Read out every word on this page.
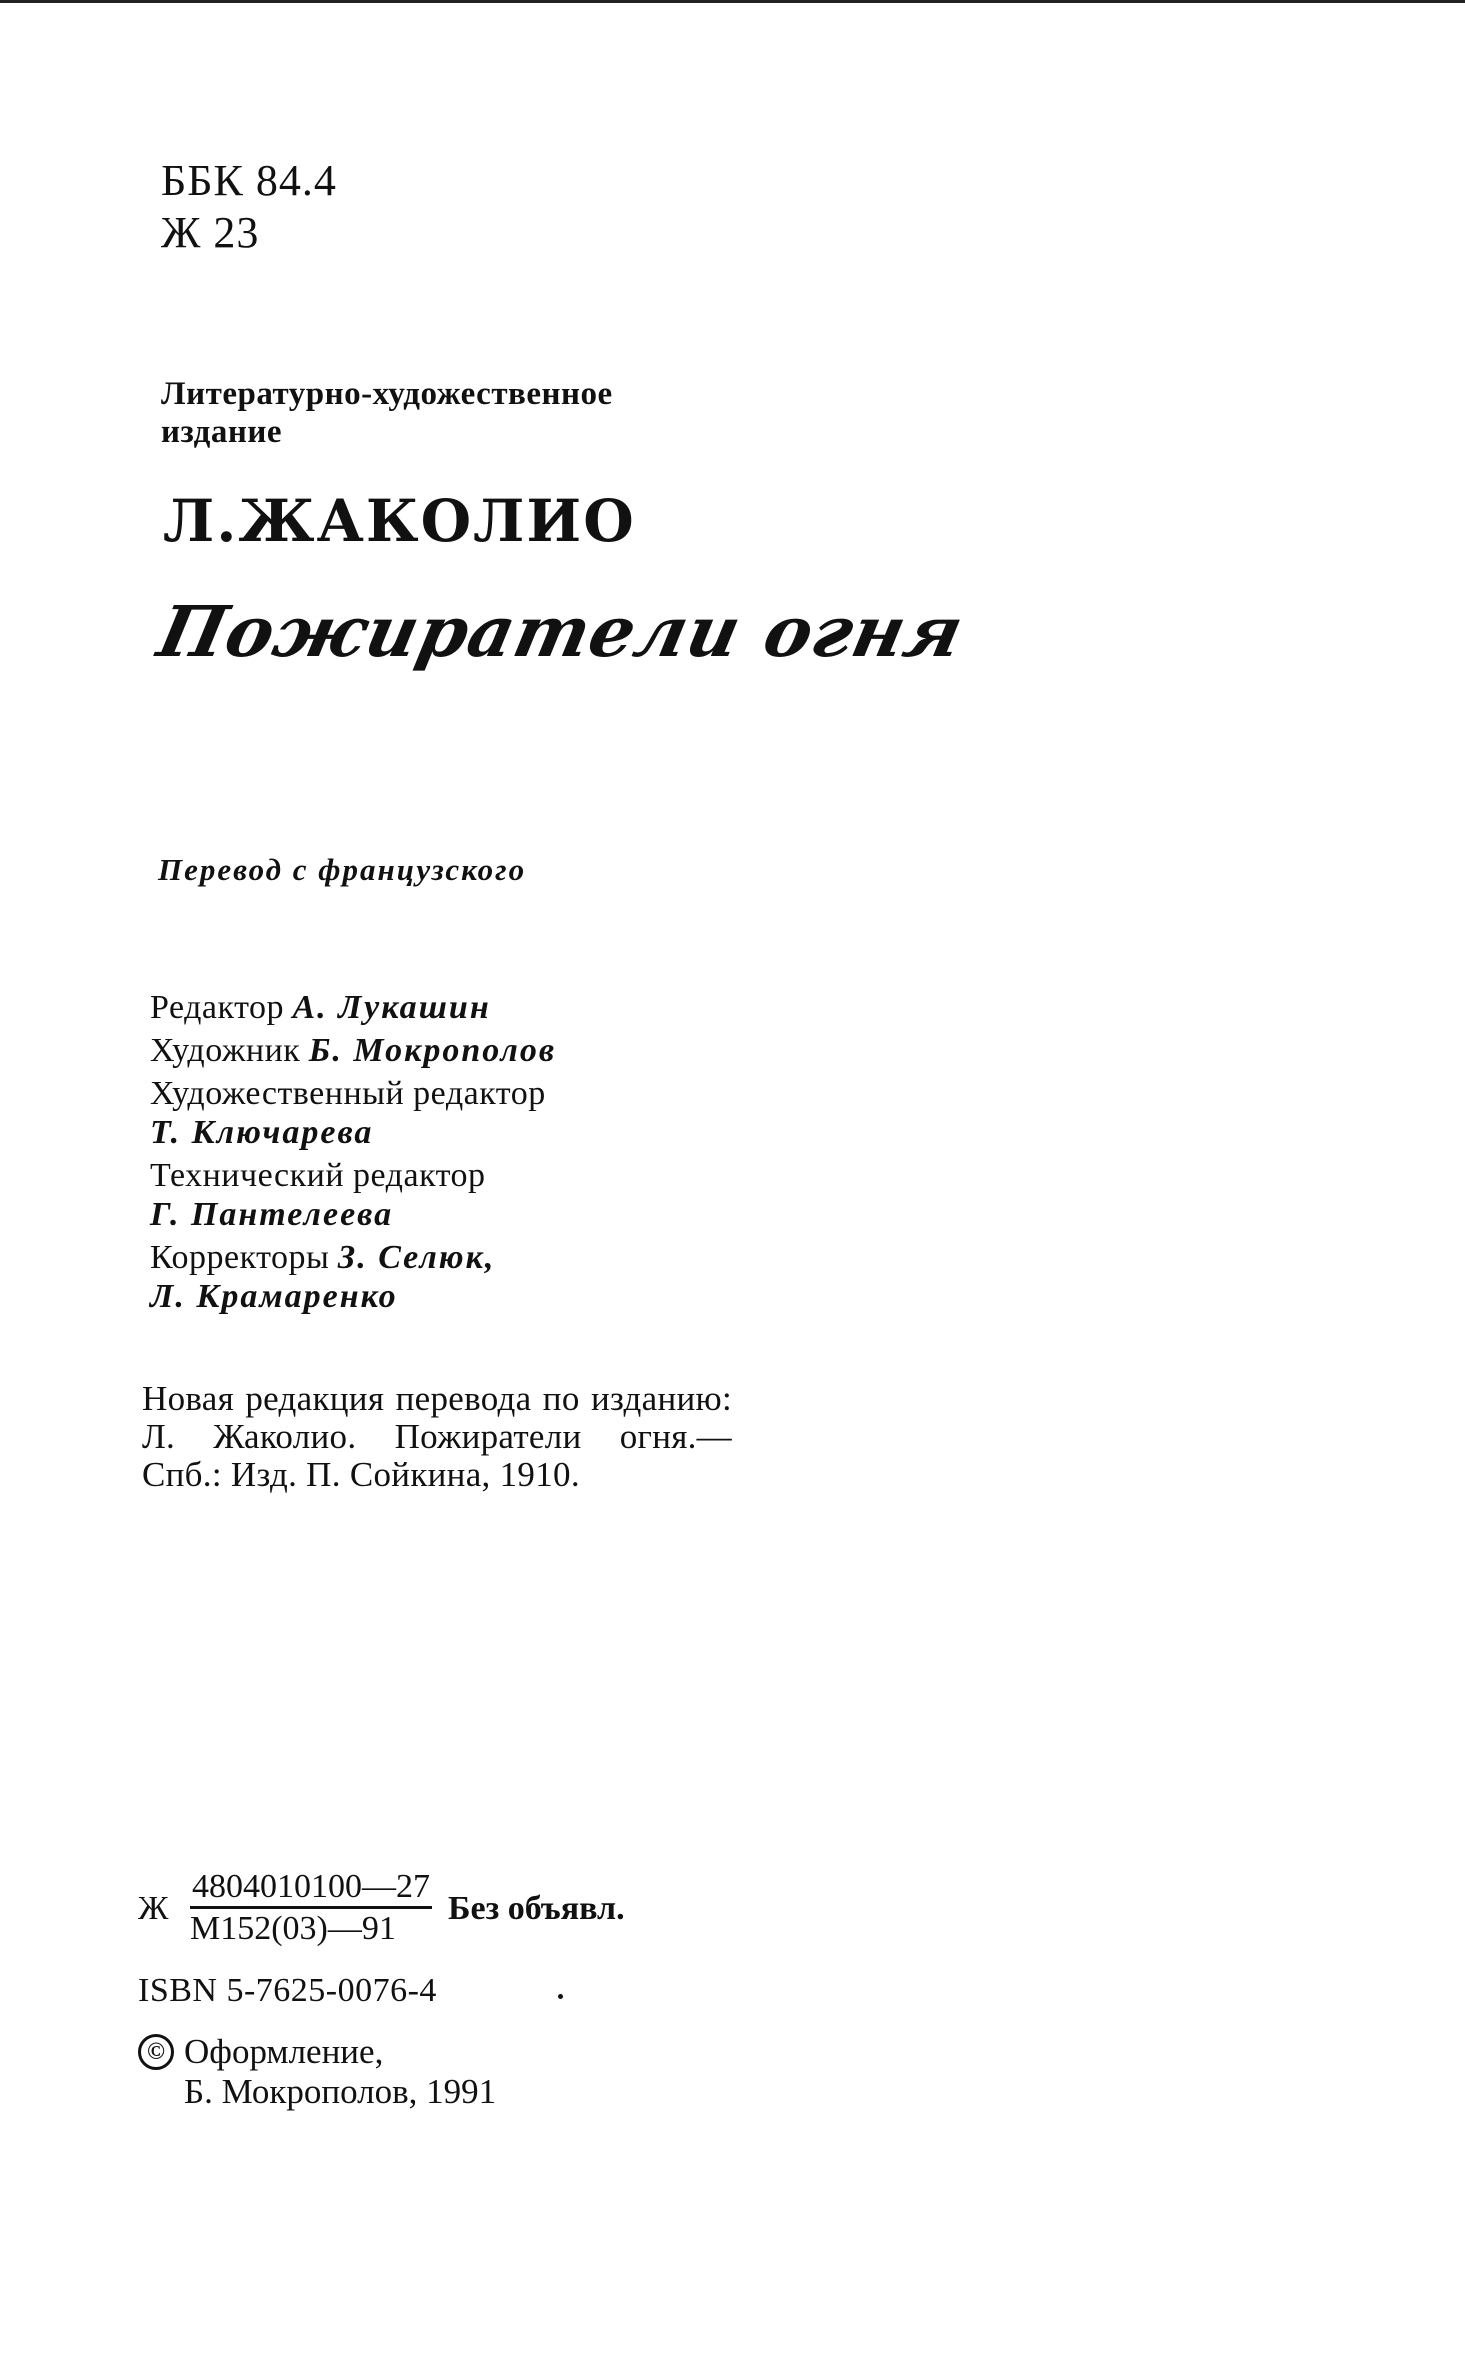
ББК 84.4
Ж 23
Литературно-художественное
издание
Л.ЖАКОЛИО
Пожиратели огня
Перевод с французского
Редактор А. Лукашин
Художник Б. Мокрополов
Художественный редактор
Т. Ключарева
Технический редактор
Г. Пантелеева
Корректоры З. Селюк,
Л. Крамаренко
Новая редакция перевода по изданию: Л. Жаколио. Пожиратели огня.— Спб.: Изд. П. Сойкина, 1910.
Ж
4804010100—27
М152(03)—91
Без объявл.
ISBN 5-7625-0076-4
© Оформление,
Б. Мокрополов, 1991
